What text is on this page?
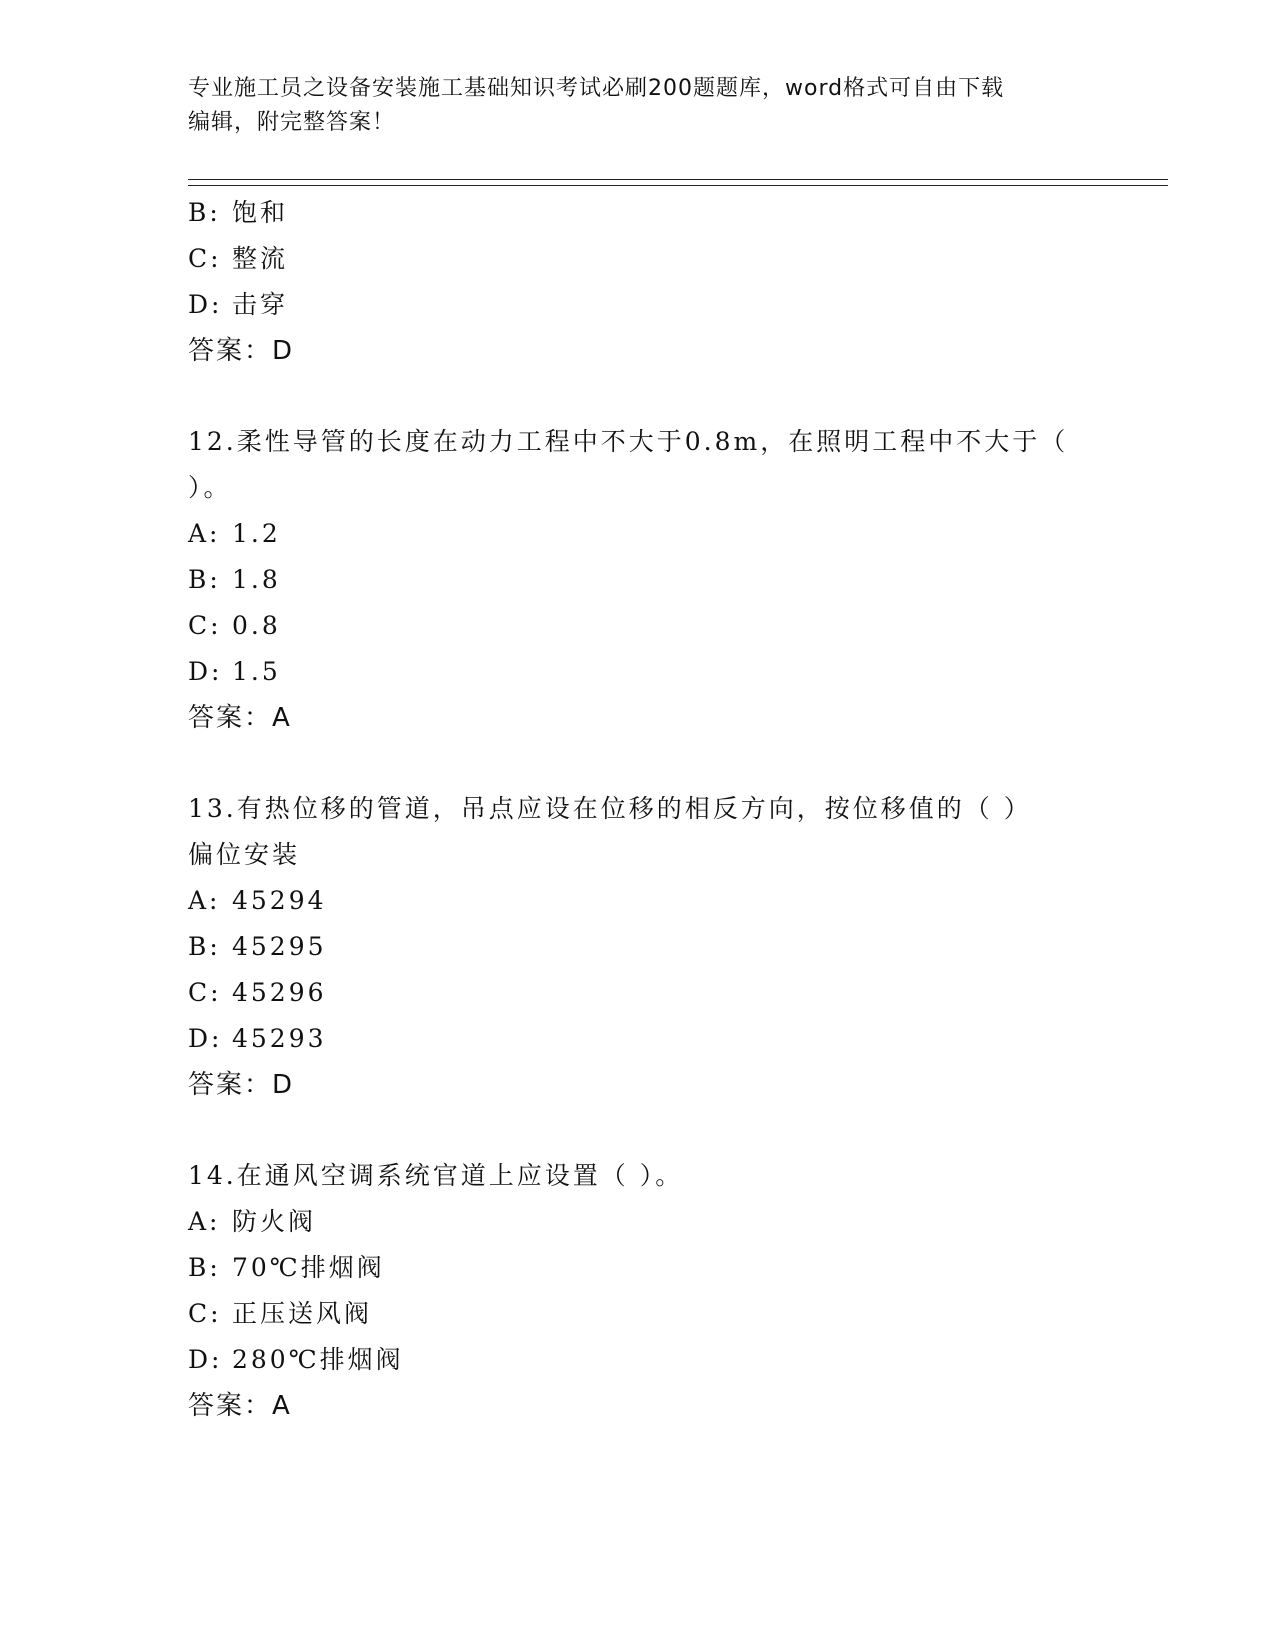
专业施工员之设备安装施工基础知识考试必刷200题题库，word格式可自由下载
编辑，附完整答案！
B: 饱和
C: 整流
D: 击穿
答案：D
12.柔性导管的长度在动力工程中不大于0.8m，在照明工程中不大于（
）。
A: 1.2
B: 1.8
C: 0.8
D: 1.5
答案：A
13.有热位移的管道，吊点应设在位移的相反方向，按位移值的（ ）
偏位安装
A: 45294
B: 45295
C: 45296
D: 45293
答案：D
14.在通风空调系统官道上应设置（ ）。
A: 防火阀
B: 70℃排烟阀
C: 正压送风阀
D: 280℃排烟阀
答案：A
